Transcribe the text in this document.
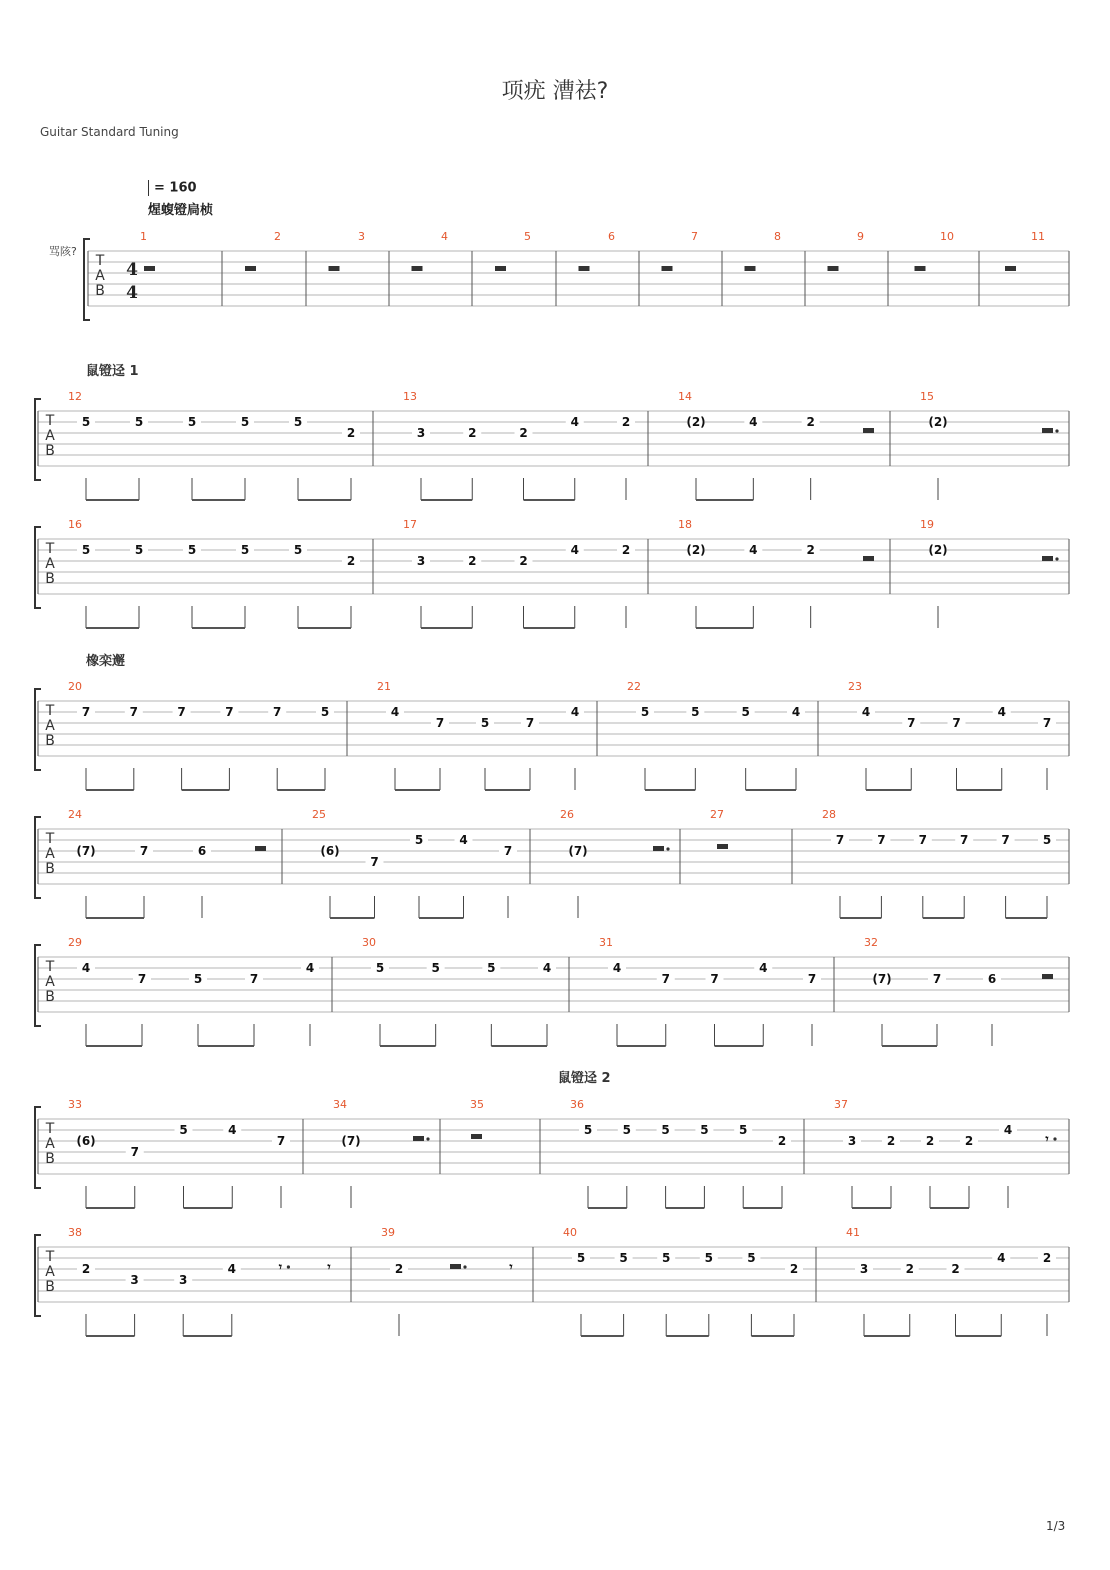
项疣 漕祛?
Guitar Standard Tuning
= 160
煋蝮镫扃桢
骂陔?
鼠镫迳 1
橡栾邂
鼠镫迳 2
1/3
T
A
B
4
4
1	2	3	4	5	6	7	8	9	10	11
T
A
B
12
5	5	5	5	5
2
13
3	2	2
4	2
14
(2)	4	2
15
(2)
T
A
B
16
5	5	5	5	5
2
17
3	2	2
4	2
18
(2)	4	2
19
(2)
T
A
B
20
7	7	7	7	7	5
21
4
7	5	7
4
22
5	5	5	4
23
4
7	7
4
7
T
A
B
24
(7)	7	6
25
(6)
7
5	4
7
26
(7)
27	28
7	7	7	7	7	5
T
A
B
29
4
7	5	7
4
30
5	5	5	4
31
4
7	7
4
7
32
(7)	7	6
T
A
B
33
(6)
7
5	4
7
34
(7)
35	36
5	5	5	5	5
2
37
3	2	2	2
4
𝄾
T
A
B
38
2
3	3
4	𝄾	𝄾
39
2	𝄾
40
5	5	5	5	5
2
41
3	2	2
4	2
